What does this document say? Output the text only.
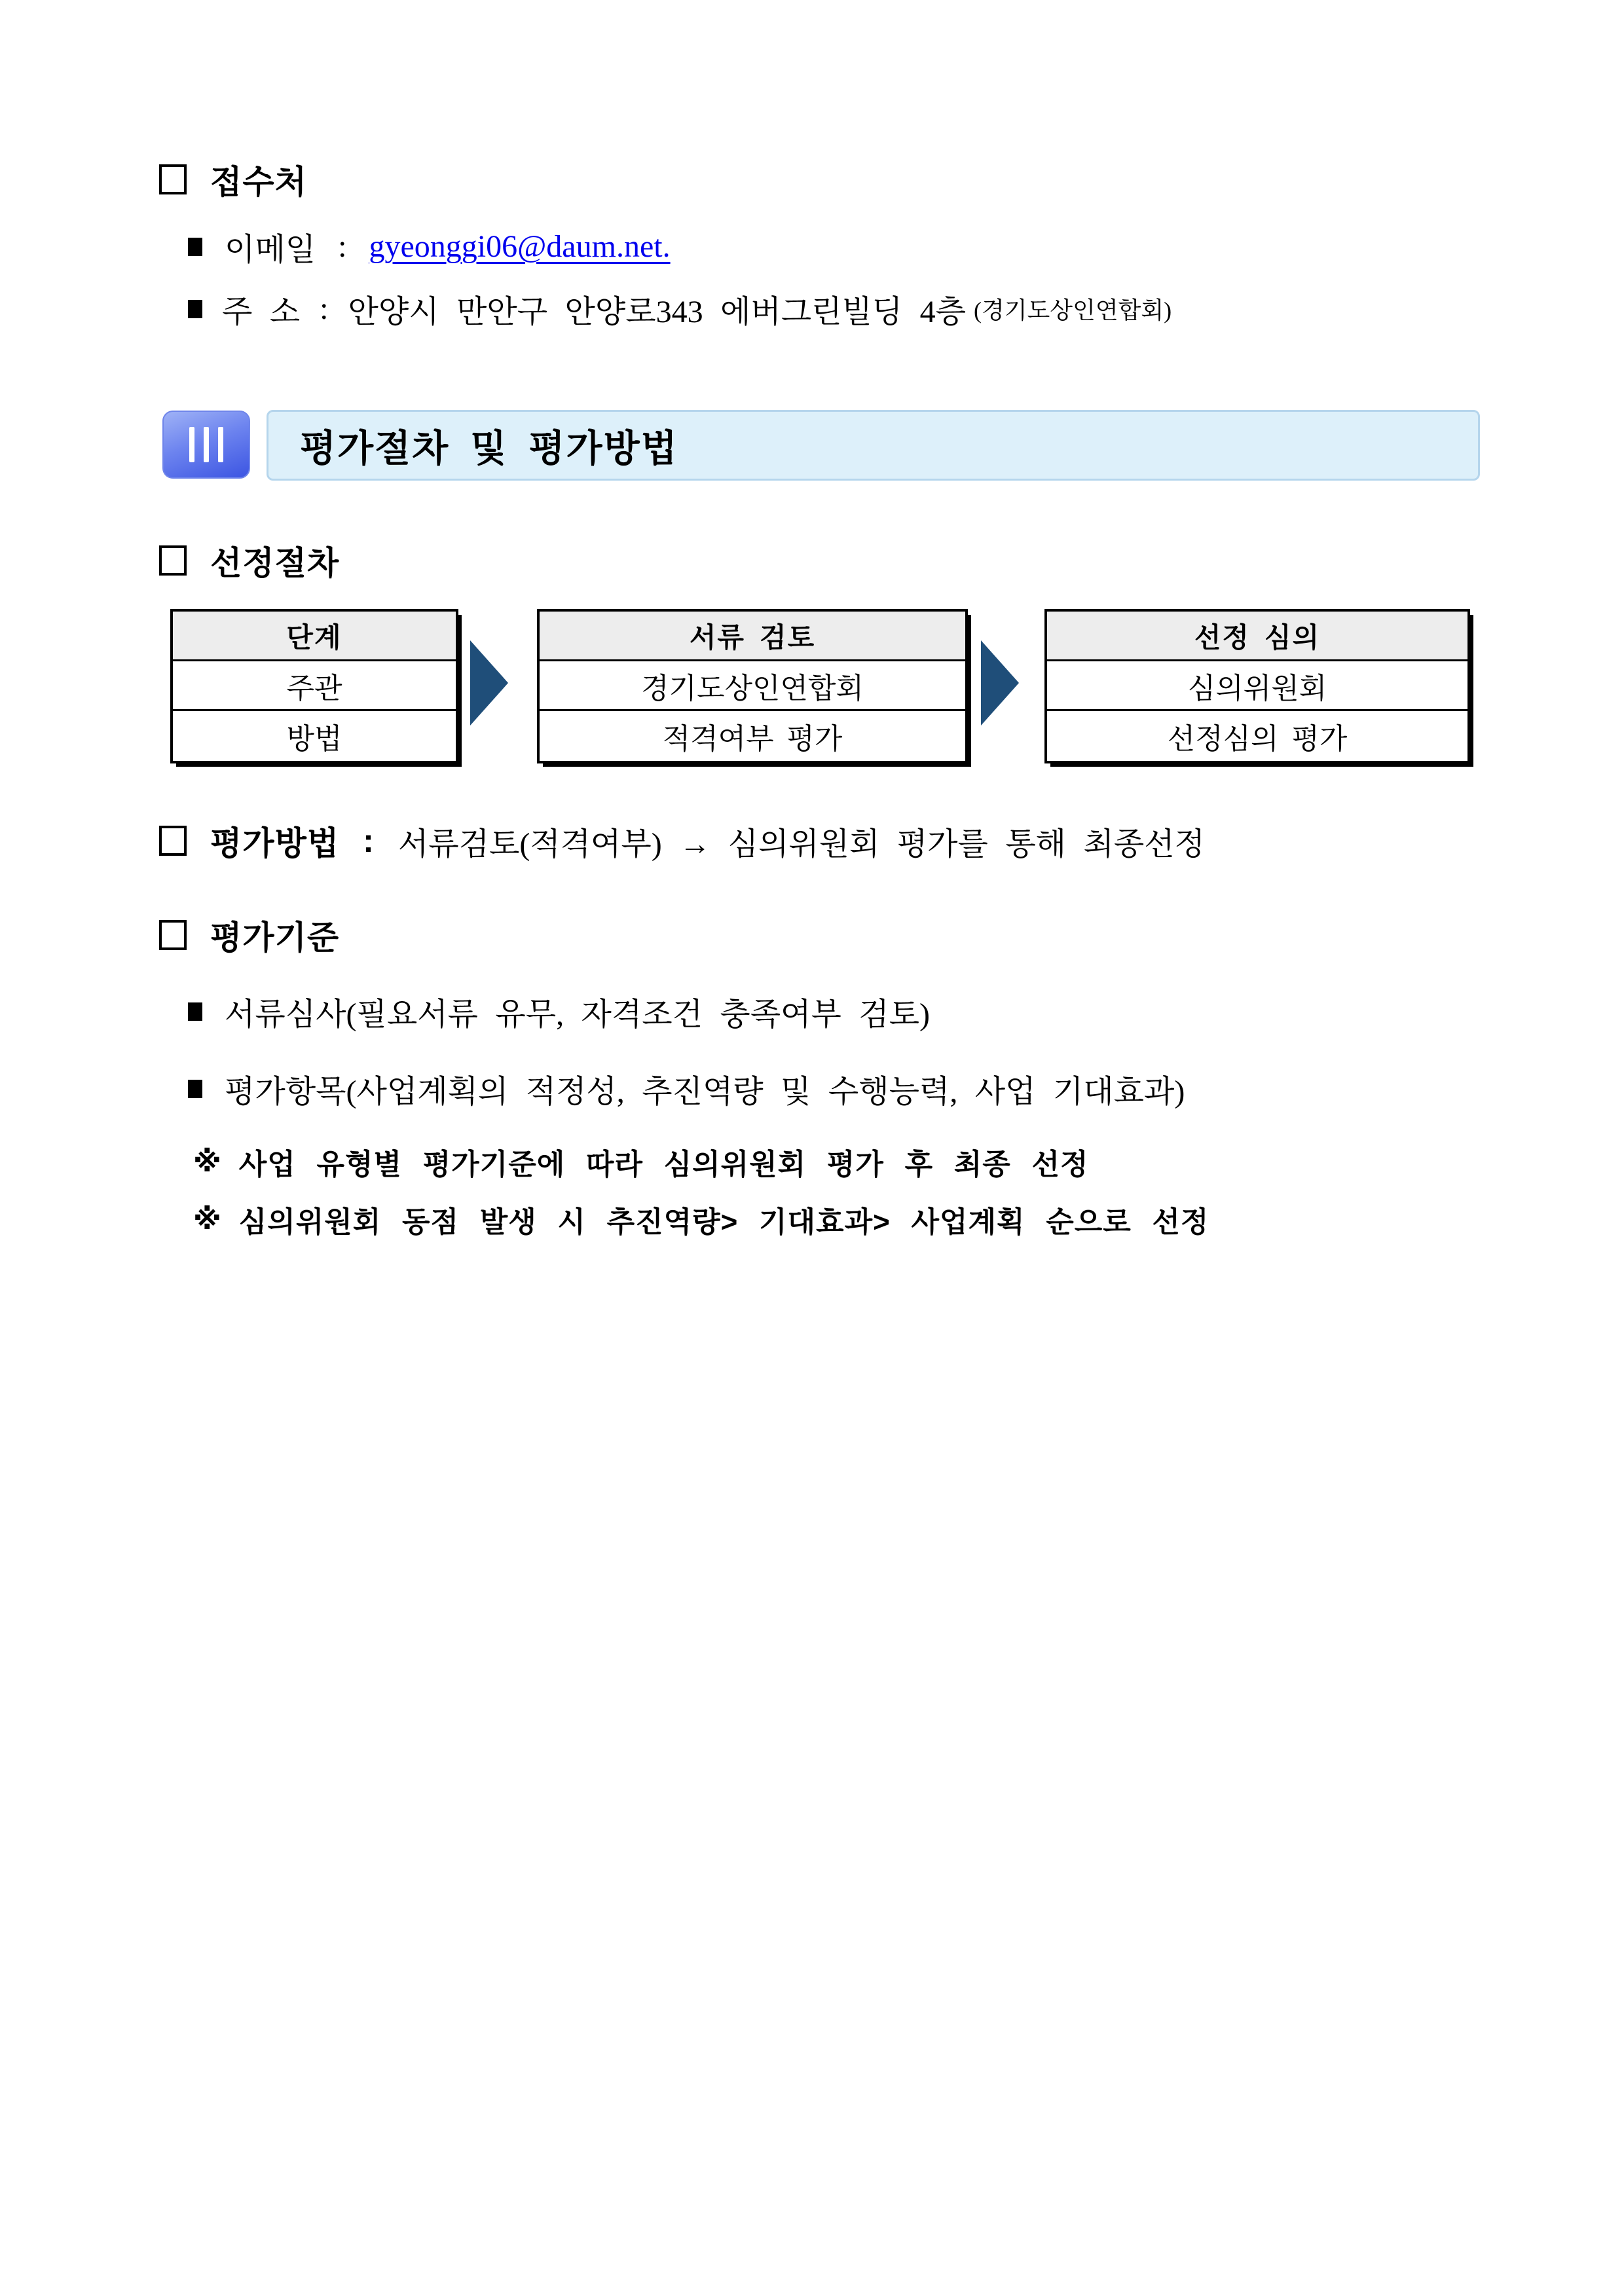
접수처
이메일 : gyeonggi06@daum.net.
주 소 : 안양시 만안구 안양로343 에버그린빌딩 4층 (경기도상인연합회)
평가절차 및 평가방법
선정절차
단계
주관
방법
서류 검토
경기도상인연합회
적격여부 평가
선정 심의
심의위원회
선정심의 평가
평가방법 : 서류검토(적격여부) → 심의위원회 평가를 통해 최종선정
평가기준
서류심사(필요서류 유무, 자격조건 충족여부 검토)
평가항목(사업계획의 적정성, 추진역량 및 수행능력, 사업 기대효과)
※ 사업 유형별 평가기준에 따라 심의위원회 평가 후 최종 선정
※ 심의위원회 동점 발생 시 추진역량> 기대효과> 사업계획 순으로 선정
